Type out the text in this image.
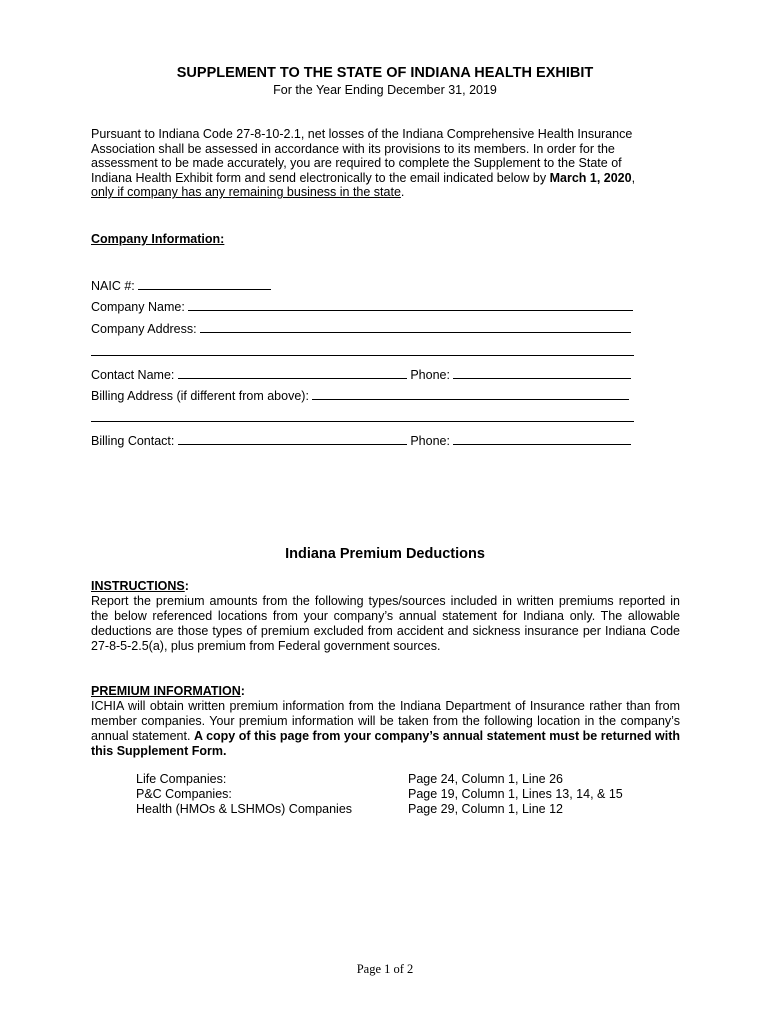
SUPPLEMENT TO THE STATE OF INDIANA HEALTH EXHIBIT
For the Year Ending December 31, 2019
Pursuant to Indiana Code 27-8-10-2.1, net losses of the Indiana Comprehensive Health Insurance Association shall be assessed in accordance with its provisions to its members. In order for the assessment to be made accurately, you are required to complete the Supplement to the State of Indiana Health Exhibit form and send electronically to the email indicated below by March 1, 2020, only if company has any remaining business in the state.
Company Information:
NAIC #:
Company Name:
Company Address:
Contact Name:	Phone:
Billing Address (if different from above):
Billing Contact:	Phone:
Indiana Premium Deductions
INSTRUCTIONS:
Report the premium amounts from the following types/sources included in written premiums reported in the below referenced locations from your company’s annual statement for Indiana only. The allowable deductions are those types of premium excluded from accident and sickness insurance per Indiana Code 27-8-5-2.5(a), plus premium from Federal government sources.
PREMIUM INFORMATION:
ICHIA will obtain written premium information from the Indiana Department of Insurance rather than from member companies. Your premium information will be taken from the following location in the company’s annual statement. A copy of this page from your company’s annual statement must be returned with this Supplement Form.
Life Companies:	Page 24, Column 1, Line 26
P&C Companies:	Page 19, Column 1, Lines 13, 14, & 15
Health (HMOs & LSHMOs) Companies	Page 29, Column 1, Line 12
Page 1 of 2
